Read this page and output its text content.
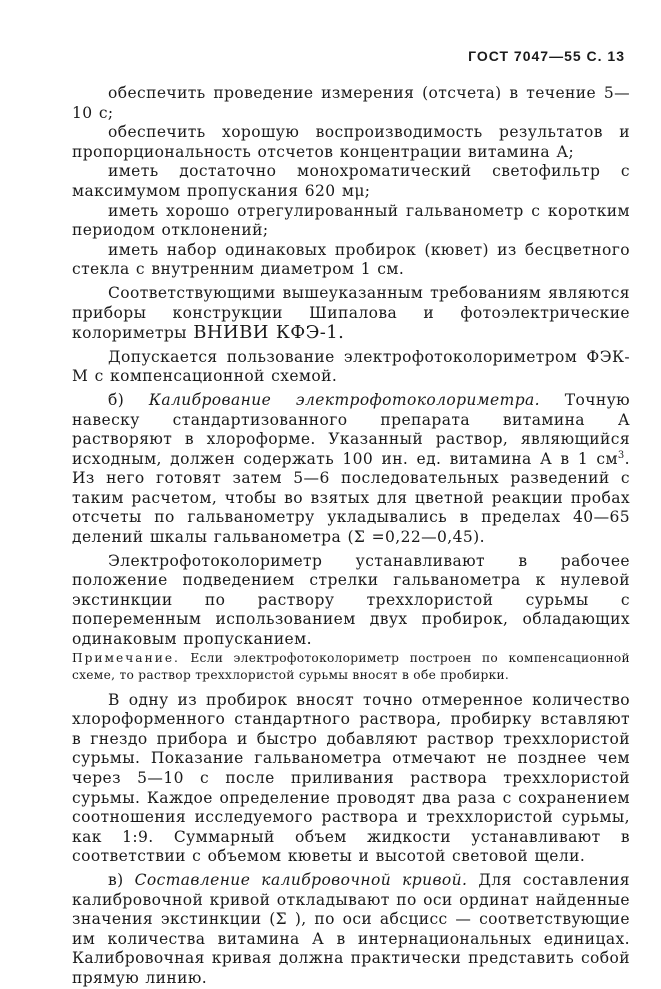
ГОСТ 7047—55 С. 13

обеспечить проведение измерения (отсчета) в течение 5—10 с;

обеспечить хорошую воспроизводимость результатов и пропорциональность отсчетов концентрации витамина А;

иметь достаточно монохроматический светофильтр с максимумом пропускания 620 мμ;

иметь хорошо отрегулированный гальванометр с коротким периодом отклонений;

иметь набор одинаковых пробирок (кювет) из бесцветного стекла с внутренним диаметром 1 см.

Соответствующими вышеуказанным требованиям являются приборы конструкции Шипалова и фотоэлектрические колориметры ВНИВИ КФЭ-1.

Допускается пользование электрофотоколориметром ФЭК-М с компенсационной схемой.

б) Калибрование электрофотоколориметра. Точную навеску стандартизованного препарата витамина А растворяют в хлороформе. Указанный раствор, являющийся исходным, должен содержать 100 ин. ед. витамина А в 1 $см^3$. Из него готовят затем 5—6 последовательных разведений с таким расчетом, чтобы во взятых для цветной реакции пробах отсчеты по гальванометру укладывались в пределах 40—65 делений шкалы гальванометра (Σ =0,22—0,45).

Электрофотоколориметр устанавливают в рабочее положение подведением стрелки гальванометра к нулевой экстинкции по раствору треххлористой сурьмы с попеременным использованием двух пробирок, обладающих одинаковым пропусканием.

Примечание. Если электрофотоколориметр построен по компенсационной схеме, то раствор треххлористой сурьмы вносят в обе пробирки.

В одну из пробирок вносят точно отмеренное количество хлороформенного стандартного раствора, пробирку вставляют в гнездо прибора и быстро добавляют раствор треххлористой сурьмы. Показание гальванометра отмечают не позднее чем через 5—10 с после приливания раствора треххлористой сурьмы. Каждое определение проводят два раза с сохранением соотношения исследуемого раствора и треххлористой сурьмы, как 1:9. Суммарный объем жидкости устанавливают в соответствии с объемом кюветы и высотой световой щели.

в) Составление калибровочной кривой. Для составления калибровочной кривой откладывают по оси ординат найденные значения экстинкции (Σ ), по оси абсцисс — соответствующие им количества витамина А в интернациональных единицах. Калибровочная кривая должна практически представить собой прямую линию.
